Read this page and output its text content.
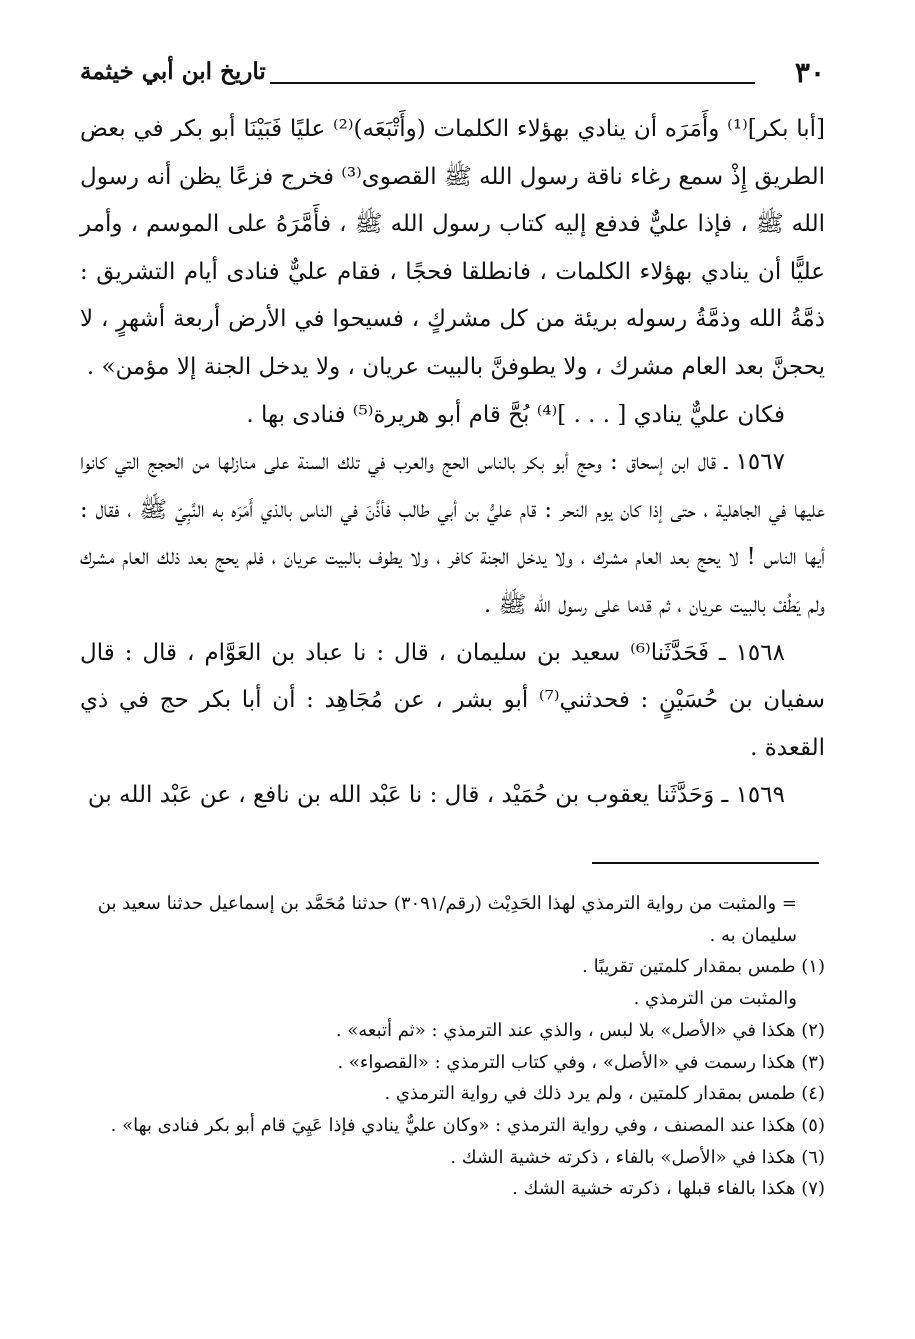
٣٠
تاريخ ابن أبي خيثمة

[أبا بكر]⁽¹⁾ وأَمَرَه أن ينادي بهؤلاء الكلمات (وأَتْبَعَه)⁽²⁾ عليًا فَبَيْنَا أبو بكر في بعض الطريق إِذْ سمع رغاء ناقة رسول الله ﷺ القصوى⁽³⁾ فخرج فزعًا يظن أنه رسول الله ﷺ ، فإذا عليٌّ فدفع إليه كتاب رسول الله ﷺ ، فأَمَّرَهُ على الموسم ، وأمر عليًّا أن ينادي بهؤلاء الكلمات ، فانطلقا فحجًا ، فقام عليٌّ فنادى أيام التشريق : ذمَّةُ الله وذمَّةُ رسوله بريئة من كل مشركٍ ، فسيحوا في الأرض أربعة أشهرٍ ، لا يحجنَّ بعد العام مشرك ، ولا يطوفنَّ بالبيت عريان ، ولا يدخل الجنة إلا مؤمن» .

فكان عليٌّ ينادي [ . . . ]⁽⁴⁾ بُحَّ قام أبو هريرة⁽⁵⁾ فنادى بها .

١٥٦٧ ـ قال ابن إسحاق : وحج أبو بكر بالناس الحج والعرب في تلك السنة على منازلها من الحجج التي كانوا عليها في الجاهلية ، حتى إذا كان يوم النحر : قام عليُّ بن أبي طالب فأذَّنَ في الناس بالذي أَمَرَه به النَّبِيّ ﷺ ، فقال : أيها الناس ! لا يحج بعد العام مشرك ، ولا يدخل الجنة كافر ، ولا يطوف بالبيت عريان ، فلم يحج بعد ذلك العام مشرك ولم يَطُفْ بالبيت عريان ، ثم قدما على رسول الله ﷺ .

١٥٦٨ ـ فَحَدَّثَنا⁽⁶⁾ سعيد بن سليمان ، قال : نا عباد بن العَوَّام ، قال : قال سفيان بن حُسَيْنٍ : فحدثني⁽⁷⁾ أبو بشر ، عن مُجَاهِد : أن أبا بكر حج في ذي القعدة .

١٥٦٩ ـ وَحَدَّثَنا يعقوب بن حُمَيْد ، قال : نا عَبْد الله بن نافع ، عن عَبْد الله بن

= والمثبت من رواية الترمذي لهذا الحَدِيْث (رقم/٣٠٩١) حدثنا مُحَمَّد بن إسماعيل حدثنا سعيد بن

سليمان به .

(١) طمس بمقدار كلمتين تقريبًا .

والمثبت من الترمذي .

(٢) هكذا في «الأصل» بلا لبس ، والذي عند الترمذي : «ثم أتبعه» .

(٣) هكذا رسمت في «الأصل» ، وفي كتاب الترمذي : «القصواء» .

(٤) طمس بمقدار كلمتين ، ولم يرد ذلك في رواية الترمذي .

(٥) هكذا عند المصنف ، وفي رواية الترمذي : «وكان عليٌّ ينادي فإذا عَيِيَ قام أبو بكر فنادى بها» .

(٦) هكذا في «الأصل» بالفاء ، ذكرته خشية الشك .

(٧) هكذا بالفاء قبلها ، ذكرته خشية الشك .
